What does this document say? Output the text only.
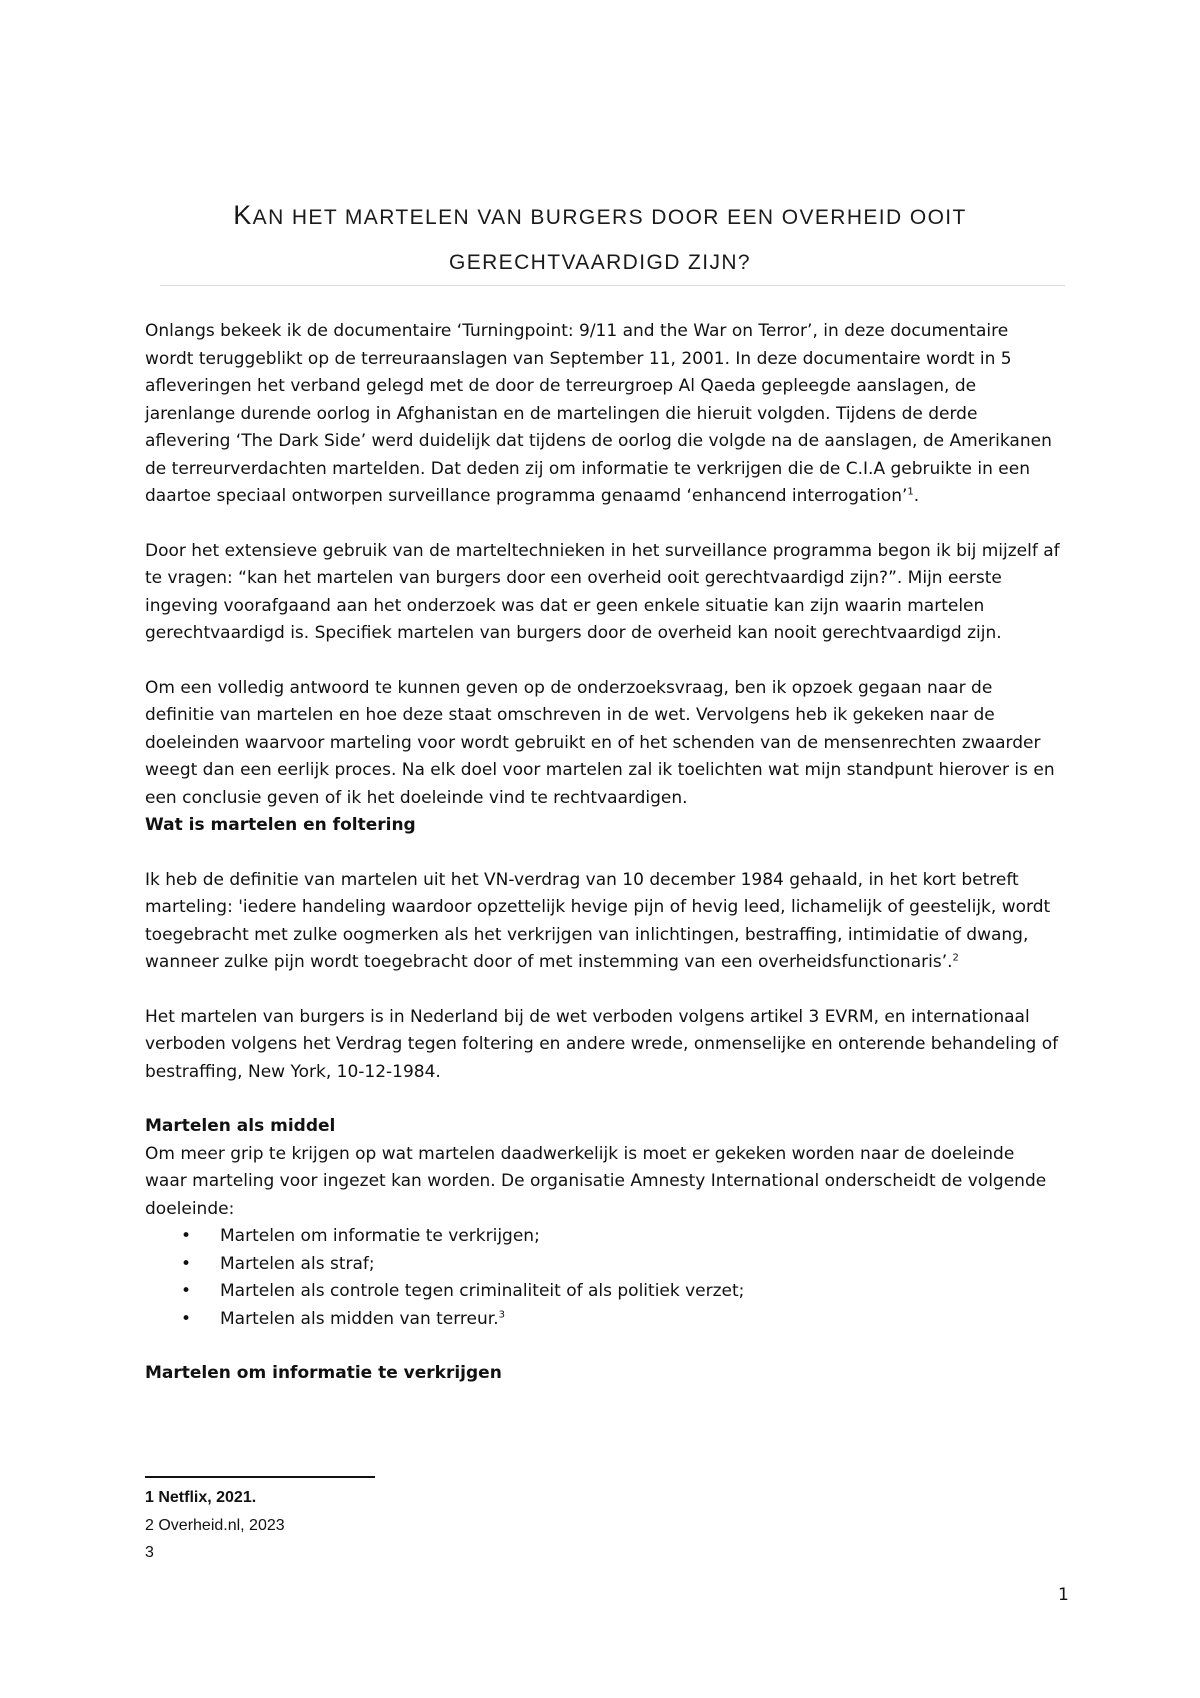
KAN HET MARTELEN VAN BURGERS DOOR EEN OVERHEID OOIT
GERECHTVAARDIGD ZIJN?

Onlangs bekeek ik de documentaire ‘Turningpoint: 9/11 and the War on Terror’, in deze documentaire wordt teruggeblikt op de terreuraanslagen van September 11, 2001. In deze documentaire wordt in 5 afleveringen het verband gelegd met de door de terreurgroep Al Qaeda gepleegde aanslagen, de jarenlange durende oorlog in Afghanistan en de martelingen die hieruit volgden. Tijdens de derde aflevering ‘The Dark Side’ werd duidelijk dat tijdens de oorlog die volgde na de aanslagen, de Amerikanen de terreurverdachten martelden. Dat deden zij om informatie te verkrijgen die de C.I.A gebruikte in een daartoe speciaal ontworpen surveillance programma genaamd ‘enhancend interrogation’$^1$.

Door het extensieve gebruik van de marteltechnieken in het surveillance programma begon ik bij mijzelf af te vragen: “kan het martelen van burgers door een overheid ooit gerechtvaardigd zijn?”. Mijn eerste ingeving voorafgaand aan het onderzoek was dat er geen enkele situatie kan zijn waarin martelen gerechtvaardigd is. Specifiek martelen van burgers door de overheid kan nooit gerechtvaardigd zijn.

Om een volledig antwoord te kunnen geven op de onderzoeksvraag, ben ik opzoek gegaan naar de definitie van martelen en hoe deze staat omschreven in de wet. Vervolgens heb ik gekeken naar de doeleinden waarvoor marteling voor wordt gebruikt en of het schenden van de mensenrechten zwaarder weegt dan een eerlijk proces. Na elk doel voor martelen zal ik toelichten wat mijn standpunt hierover is en een conclusie geven of ik het doeleinde vind te rechtvaardigen.

Wat is martelen en foltering

Ik heb de definitie van martelen uit het VN-verdrag van 10 december 1984 gehaald, in het kort betreft marteling: 'iedere handeling waardoor opzettelijk hevige pijn of hevig leed, lichamelijk of geestelijk, wordt toegebracht met zulke oogmerken als het verkrijgen van inlichtingen, bestraffing, intimidatie of dwang, wanneer zulke pijn wordt toegebracht door of met instemming van een overheidsfunctionaris’.$^2$

Het martelen van burgers is in Nederland bij de wet verboden volgens artikel 3 EVRM, en internationaal verboden volgens het Verdrag tegen foltering en andere wrede, onmenselijke en onterende behandeling of bestraffing, New York, 10-12-1984.

Martelen als middel

Om meer grip te krijgen op wat martelen daadwerkelijk is moet er gekeken worden naar de doeleinde waar marteling voor ingezet kan worden. De organisatie Amnesty International onderscheidt de volgende doeleinde:

• Martelen om informatie te verkrijgen;
• Martelen als straf;
• Martelen als controle tegen criminaliteit of als politiek verzet;
• Martelen als midden van terreur.$^3$

Martelen om informatie te verkrijgen

1 Netflix, 2021.
2 Overheid.nl, 2023
3
1
